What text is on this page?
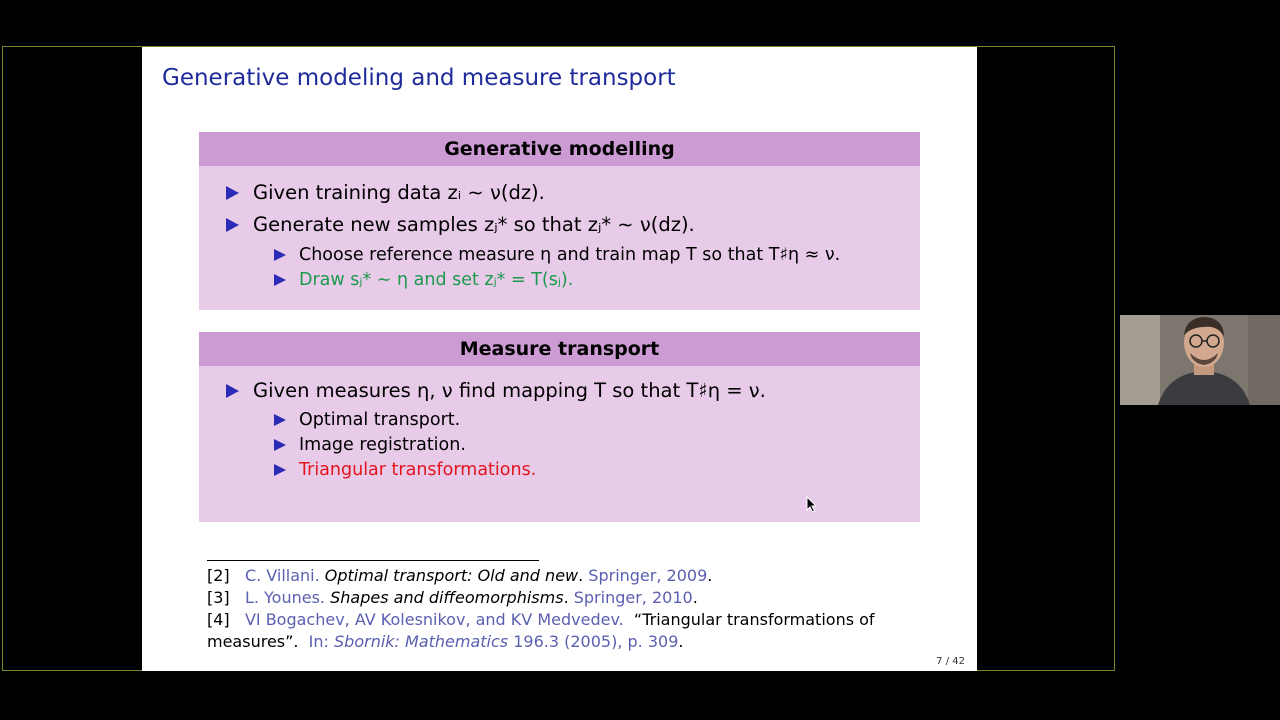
Generative modeling and measure transport
Generative modelling
Given training data zᵢ ∼ ν(dz).
Generate new samples zⱼ* so that zⱼ* ∼ ν(dz).
Choose reference measure η and train map T so that T♯η ≈ ν.
Draw sⱼ* ∼ η and set zⱼ* = T(sⱼ).
Measure transport
Given measures η, ν find mapping T so that T♯η = ν.
Optimal transport.
Image registration.
Triangular transformations.
[2] C. Villani. Optimal transport: Old and new. Springer, 2009.
[3] L. Younes. Shapes and diffeomorphisms. Springer, 2010.
[4] VI Bogachev, AV Kolesnikov, and KV Medvedev. “Triangular transformations of
measures”. In: Sbornik: Mathematics 196.3 (2005), p. 309.
7 / 42
